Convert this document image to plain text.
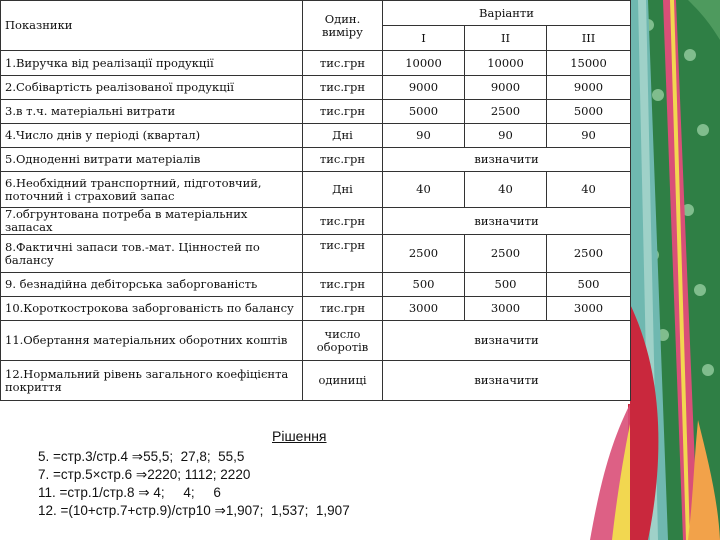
Показники	Один. виміру	Варіанти		
		I	II	III
1.Виручка від реалізації продукції	тис.грн	10000	10000	15000
2.Собівартість реалізованої продукції	тис.грн	9000	9000	9000
3.в т.ч. матеріальні витрати	тис.грн	5000	2500	5000
4.Число днів у періоді (квартал)	Дні	90	90	90
5.Одноденні витрати матеріалів	тис.грн	визначити		
6.Необхідний транспортний, підготовчий, поточний і страховий запас	Дні	40	40	40
7.обгрунтована потреба в матеріальних запасах	тис.грн	визначити		
8.Фактичні запаси тов.-мат. Цінностей по балансу	тис.грн	2500	2500	2500
9. безнадійна дебіторська заборгованість	тис.грн	500	500	500
10.Короткострокова заборгованість по балансу	тис.грн	3000	3000	3000
11.Обертання матеріальних оборотних коштів	число оборотів	визначити		
12.Нормальний рівень загального коефіцієнта покриття	одиниці	визначити		
Рішення
5. =стр.3/стр.4 ⇒55,5;  27,8;  55,5
7. =стр.5×стр.6 ⇒2220; 1112; 2220
11. =стр.1/стр.8 ⇒ 4;     4;     6
12. =(10+стр.7+стр.9)/стр10 ⇒1,907;  1,537;  1,907
